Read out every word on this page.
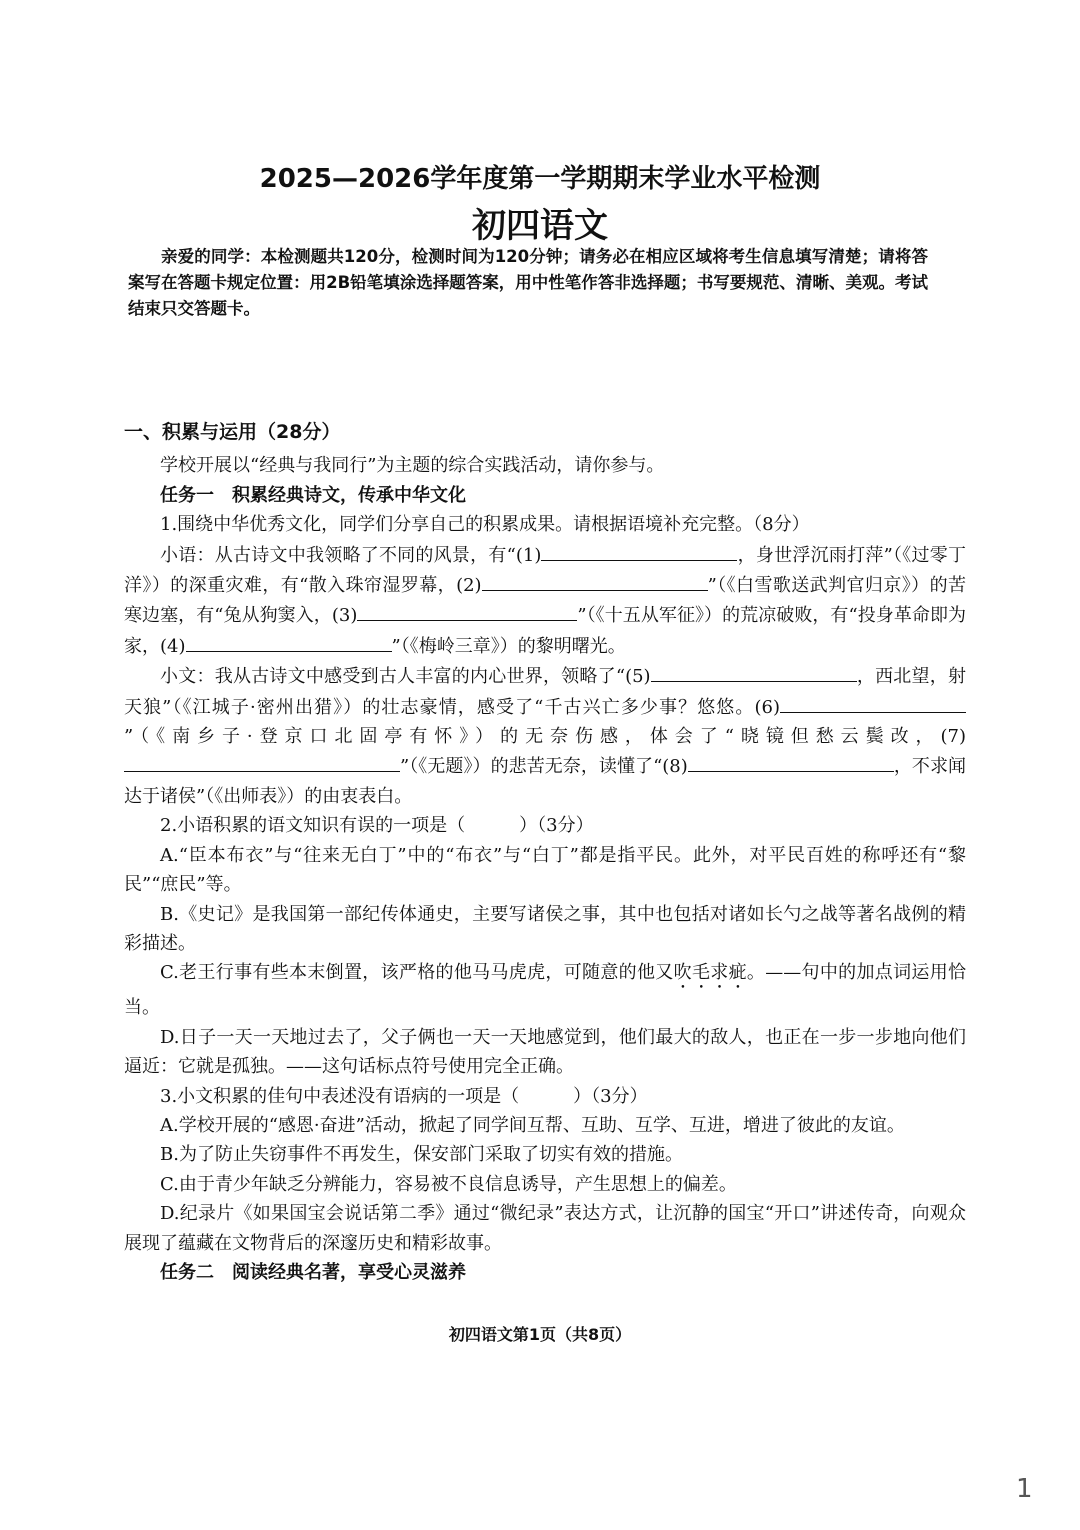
2025—2026学年度第一学期期末学业水平检测
初四语文
亲爱的同学：本检测题共120分，检测时间为120分钟；请务必在相应区域将考生信息填写清楚；请将答案写在答题卡规定位置：用2B铅笔填涂选择题答案，用中性笔作答非选择题；书写要规范、清晰、美观。考试结束只交答题卡。

一、积累与运用（28分）

学校开展以“经典与我同行”为主题的综合实践活动，请你参与。

任务一　积累经典诗文，传承中华文化

1.围绕中华优秀文化，同学们分享自己的积累成果。请根据语境补充完整。（8分）

小语：从古诗文中我领略了不同的风景，有“(1)	，身世浮沉雨打萍”（《过零丁洋》）的深重灾难，有“散入珠帘湿罗幕，(2)	”（《白雪歌送武判官归京》）的苦寒边塞，有“兔从狗窦入，(3)	”（《十五从军征》）的荒凉破败，有“投身革命即为家，(4)	”（《梅岭三章》）的黎明曙光。

小文：我从古诗文中感受到古人丰富的内心世界，领略了“(5)	，西北望，射天狼”（《江城子·密州出猎》）的壮志豪情，感受了“千古兴亡多少事？悠悠。(6)”（《南乡子·登京口北固亭有怀》）的无奈伤感，体会了“晓镜但愁云鬓改，(7)”（《无题》）的悲苦无奈，读懂了“(8)	，不求闻达于诸侯”（《出师表》）的由衷表白。

2.小语积累的语文知识有误的一项是（　　　）（3分）

A.“臣本布衣”与“往来无白丁”中的“布衣”与“白丁”都是指平民。此外，对平民百姓的称呼还有“黎民”“庶民”等。

B.《史记》是我国第一部纪传体通史，主要写诸侯之事，其中也包括对诸如长勺之战等著名战例的精彩描述。

C.老王行事有些本末倒置，该严格的他马马虎虎，可随意的他又吹毛求疵。——句中的加点词运用恰当。

D.日子一天一天地过去了，父子俩也一天一天地感觉到，他们最大的敌人，也正在一步一步地向他们逼近：它就是孤独。——这句话标点符号使用完全正确。

3.小文积累的佳句中表述没有语病的一项是（　　　）（3分）

A.学校开展的“感恩·奋进”活动，掀起了同学间互帮、互助、互学、互进，增进了彼此的友谊。

B.为了防止失窃事件不再发生，保安部门采取了切实有效的措施。

C.由于青少年缺乏分辨能力，容易被不良信息诱导，产生思想上的偏差。

D.纪录片《如果国宝会说话第二季》通过“微纪录”表达方式，让沉静的国宝“开口”讲述传奇，向观众展现了蕴藏在文物背后的深邃历史和精彩故事。

任务二　阅读经典名著，享受心灵滋养

初四语文第1页（共8页）
1
